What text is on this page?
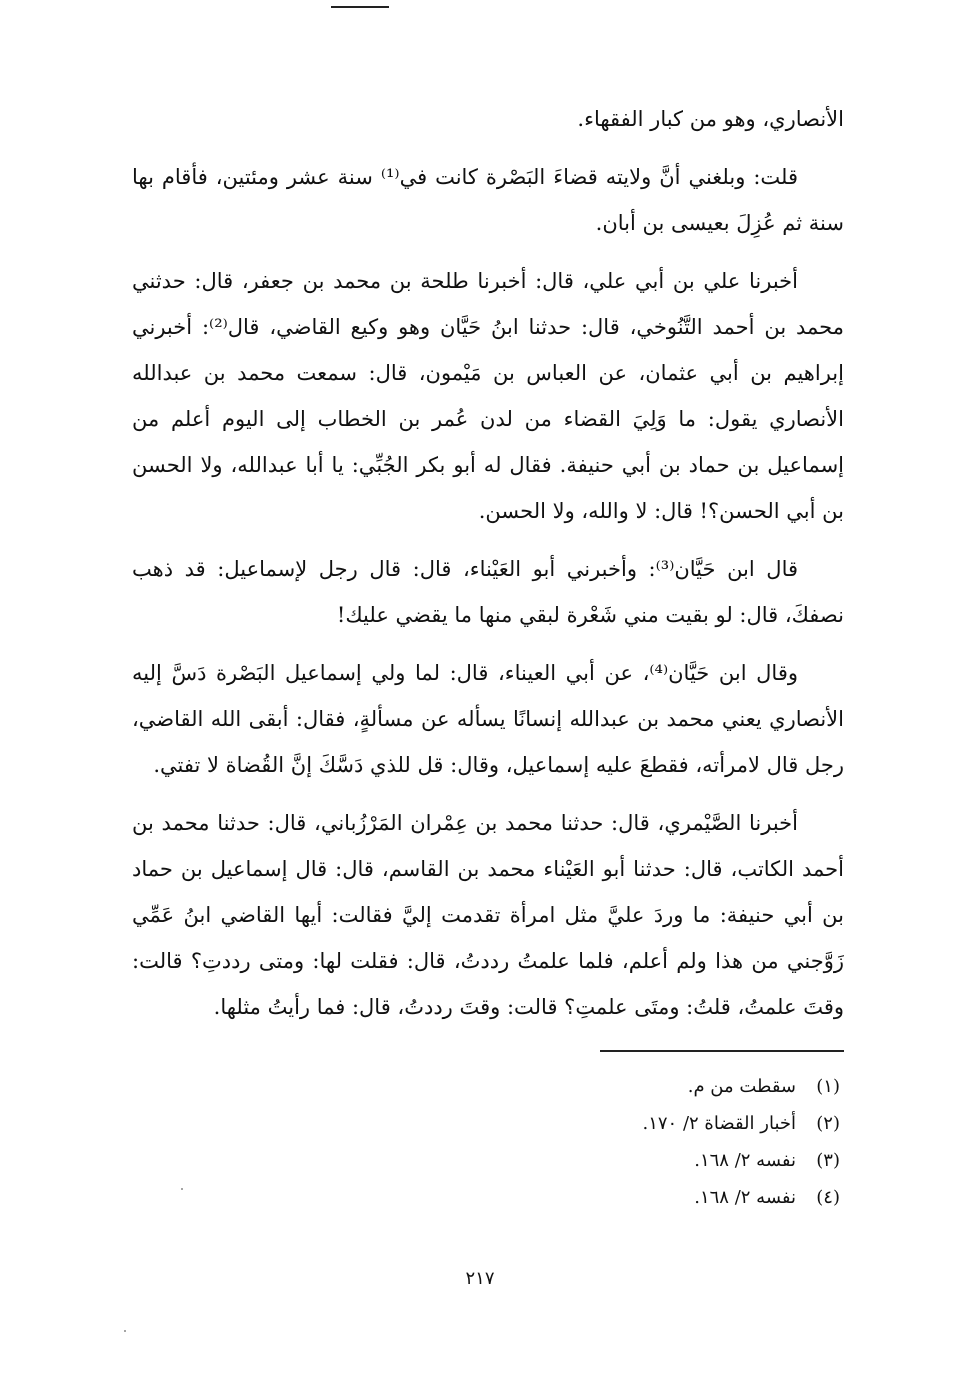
الأنصاري، وهو من كبار الفقهاء.

قلت: وبلغني أنَّ ولايته قضاءَ البَصْرة كانت في⁽¹⁾ سنة عشر ومئتين، فأقام بها سنة ثم عُزِلَ بعيسى بن أبان.

أخبرنا علي بن أبي علي، قال: أخبرنا طلحة بن محمد بن جعفر، قال: حدثني محمد بن أحمد التَّنُوخي، قال: حدثنا ابنُ حَيَّان وهو وكيع القاضي، قال⁽²⁾: أخبرني إبراهيم بن أبي عثمان، عن العباس بن مَيْمون، قال: سمعت محمد بن عبدالله الأنصاري يقول: ما وَلِيَ القضاء من لدن عُمر بن الخطاب إلى اليوم أعلم من إسماعيل بن حماد بن أبي حنيفة. فقال له أبو بكر الجُبِّي: يا أبا عبدالله، ولا الحسن بن أبي الحسن؟! قال: لا والله، ولا الحسن.

قال ابن حَيَّان⁽³⁾: وأخبرني أبو العَيْناء، قال: قال رجل لإسماعيل: قد ذهب نصفكَ، قال: لو بقيت مني شَعْرة لبقي منها ما يقضي عليك!

وقال ابن حَيَّان⁽⁴⁾، عن أبي العيناء، قال: لما ولي إسماعيل البَصْرة دَسَّ إليه الأنصاري يعني محمد بن عبدالله إنسانًا يسأله عن مسألةٍ، فقال: أبقى الله القاضي، رجل قال لامرأته، فقطعَ عليه إسماعيل، وقال: قل للذي دَسَّكَ إنَّ القُضاة لا تفتي.

أخبرنا الصَّيْمري، قال: حدثنا محمد بن عِمْران المَرْزُباني، قال: حدثنا محمد بن أحمد الكاتب، قال: حدثنا أبو العَيْناء محمد بن القاسم، قال: قال إسماعيل بن حماد بن أبي حنيفة: ما وردَ عليَّ مثل امرأة تقدمت إليَّ فقالت: أيها القاضي ابنُ عَمِّي زَوَّجني من هذا ولم أعلم، فلما علمتُ رددتُ، قال: فقلت لها: ومتى رددتِ؟ قالت: وقتَ علمتُ، قلتُ: ومتَى علمتِ؟ قالت: وقتَ رددتُ، قال: فما رأيتُ مثلها.

(١)سقطت من م.

(٢)أخبار القضاة ٢/ ١٧٠.

(٣)نفسه ٢/ ١٦٨.

(٤)نفسه ٢/ ١٦٨.

٢١٧
